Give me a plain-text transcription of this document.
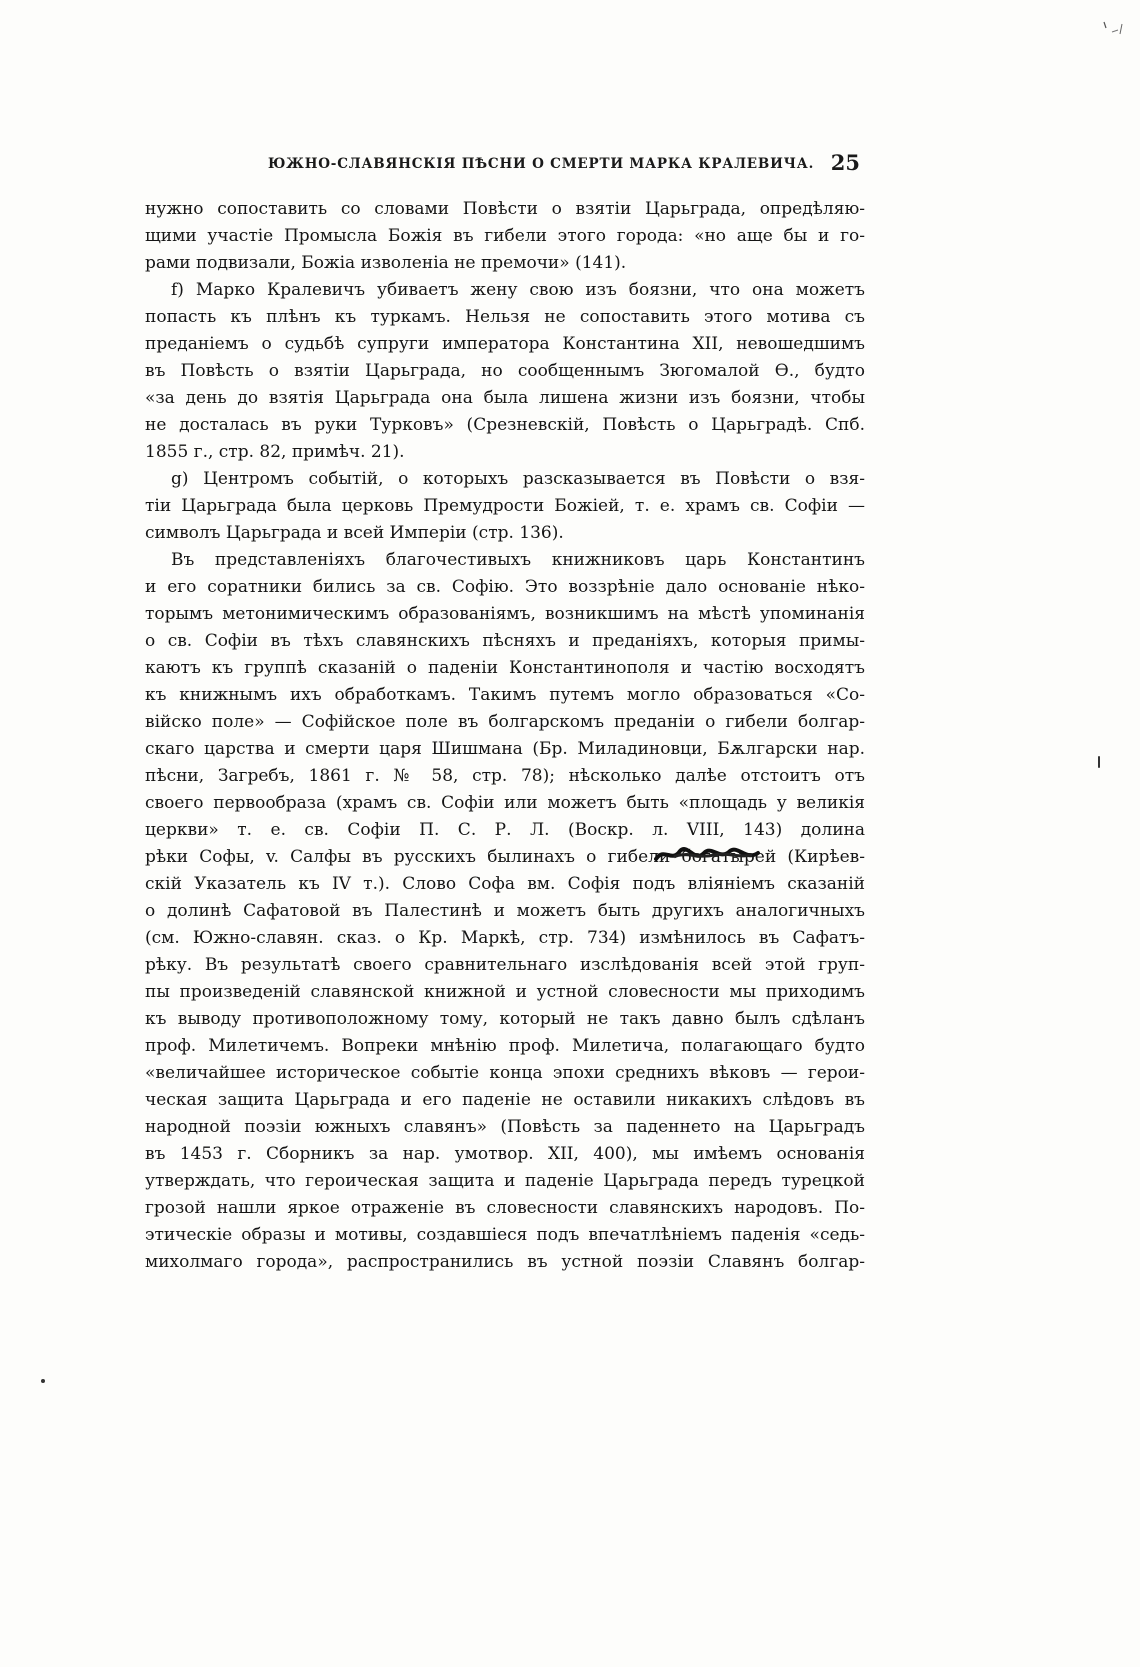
ЮЖНО-СЛАВЯНСКІЯ ПѢСНИ О СМЕРТИ МАРКА КРАЛЕВИЧА. 25
нужно сопоставить со словами Повѣсти о взятіи Царьграда, опредѣляю-
щими участіе Промысла Божія въ гибели этого города: «но аще бы и го-
рами подвизали, Божіа изволеніа не премочи» (141).
f) Марко Кралевичъ убиваетъ жену свою изъ боязни, что она можетъ
попасть къ плѣнъ къ туркамъ. Нельзя не сопоставить этого мотива съ
преданіемъ о судьбѣ супруги императора Константина XII, невошедшимъ
въ Повѣсть о взятіи Царьграда, но сообщеннымъ Зюгомалой Ѳ., будто
«за день до взятія Царьграда она была лишена жизни изъ боязни, чтобы
не досталась въ руки Турковъ» (Срезневскій, Повѣсть о Царьградѣ. Спб.
1855 г., стр. 82, примѣч. 21).
g) Центромъ событій, о которыхъ разсказывается въ Повѣсти о взя-
тіи Царьграда была церковь Премудрости Божіей, т. е. храмъ св. Софіи —
символъ Царьграда и всей Имперіи (стр. 136).
Въ представленіяхъ благочестивыхъ книжниковъ царь Константинъ
и его соратники бились за св. Софію. Это воззрѣніе дало основаніе нѣко-
торымъ метонимическимъ образованіямъ, возникшимъ на мѣстѣ упоминанія
о св. Софіи въ тѣхъ славянскихъ пѣсняхъ и преданіяхъ, которыя примы-
каютъ къ группѣ сказаній о паденіи Константинополя и частію восходятъ
къ книжнымъ ихъ обработкамъ. Такимъ путемъ могло образоваться «Со-
війско поле» — Софійское поле въ болгарскомъ преданіи о гибели болгар-
скаго царства и смерти царя Шишмана (Бр. Миладиновци, Бѫлгарски нар.
пѣсни, Загребъ, 1861 г. № 58, стр. 78); нѣсколько далѣе отстоитъ отъ
своего первообраза (храмъ св. Софіи или можетъ быть «площадь у великія
церкви» т. е. св. Софіи П. С. Р. Л. (Воскр. л. VIII, 143) долина
рѣки Софы, v. Салфы въ русскихъ былинахъ о гибели богатырей (Кирѣев-
скій Указатель къ IV т.). Слово Софа вм. Софія подъ вліяніемъ сказаній
о долинѣ Сафатовой въ Палестинѣ и можетъ быть другихъ аналогичныхъ
(см. Южно-славян. сказ. о Кр. Маркѣ, стр. 734) измѣнилось въ Сафатъ-
рѣку. Въ результатѣ своего сравнительнаго изслѣдованія всей этой груп-
пы произведеній славянской книжной и устной словесности мы приходимъ
къ выводу противоположному тому, который не такъ давно былъ сдѣланъ
проф. Милетичемъ. Вопреки мнѣнію проф. Милетича, полагающаго будто
«величайшее историческое событіе конца эпохи среднихъ вѣковъ — герои-
ческая защита Царьграда и его паденіе не оставили никакихъ слѣдовъ въ
народной поэзіи южныхъ славянъ» (Повѣсть за паденнето на Царьградъ
въ 1453 г. Сборникъ за нар. умотвор. XII, 400), мы имѣемъ основанія
утверждать, что героическая защита и паденіе Царьграда передъ турецкой
грозой нашли яркое отраженіе въ словесности славянскихъ народовъ. По-
этическіе образы и мотивы, создавшіеся подъ впечатлѣніемъ паденія «седь-
михолмаго города», распространились въ устной поэзіи Славянъ болгар-
